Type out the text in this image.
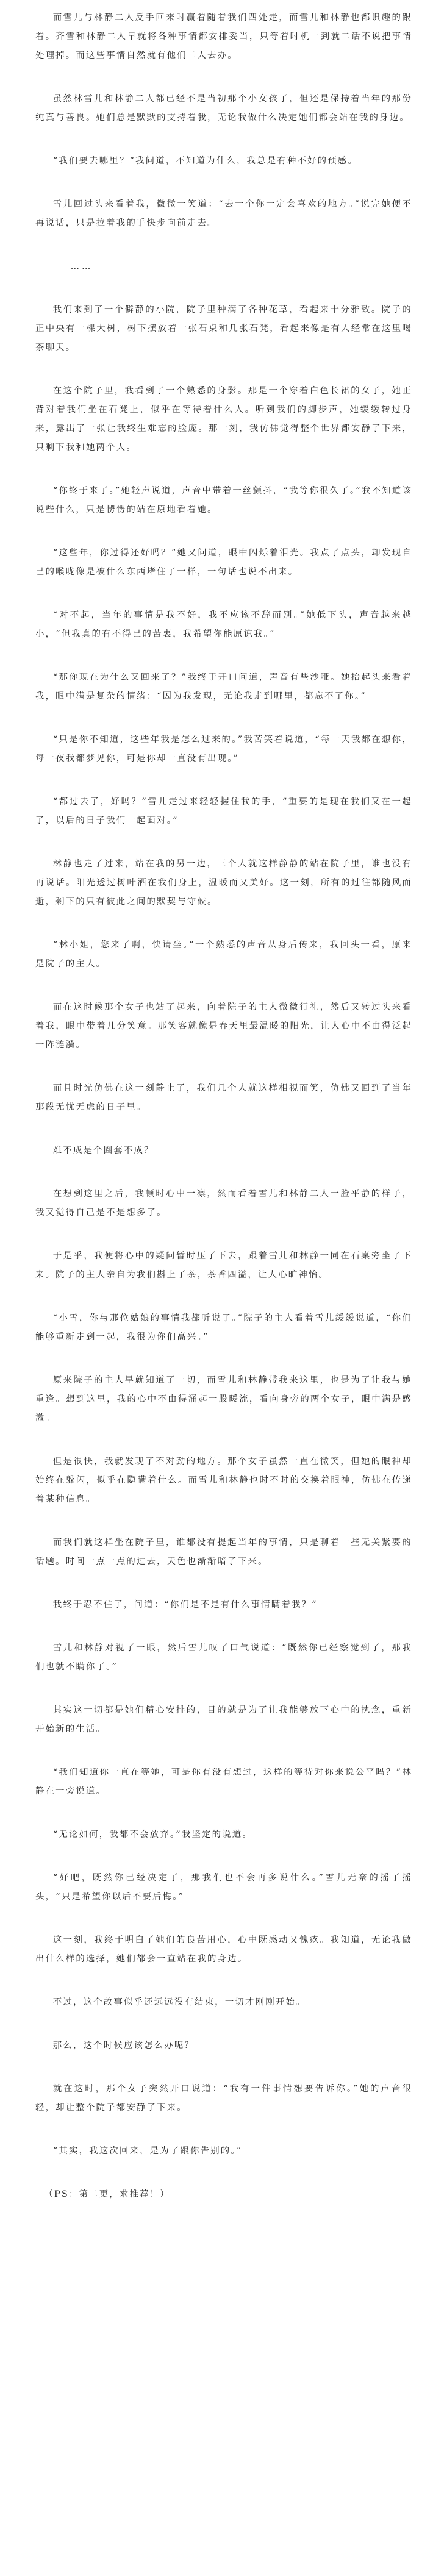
而雪儿与林静二人反手回来时赢着随着我们四处走，而雪儿和林静也都识趣的跟着。齐雪和林静二人早就将各种事情都安排妥当，只等着时机一到就二话不说把事情处理掉。而这些事情自然就有他们二人去办。

虽然林雪儿和林静二人都已经不是当初那个小女孩了，但还是保持着当年的那份纯真与善良。她们总是默默的支持着我，无论我做什么决定她们都会站在我的身边。

“我们要去哪里？”我问道，不知道为什么，我总是有种不好的预感。

雪儿回过头来看着我，微微一笑道：“去一个你一定会喜欢的地方。”说完她便不再说话，只是拉着我的手快步向前走去。

……

我们来到了一个僻静的小院，院子里种满了各种花草，看起来十分雅致。院子的正中央有一棵大树，树下摆放着一张石桌和几张石凳，看起来像是有人经常在这里喝茶聊天。

在这个院子里，我看到了一个熟悉的身影。那是一个穿着白色长裙的女子，她正背对着我们坐在石凳上，似乎在等待着什么人。听到我们的脚步声，她缓缓转过身来，露出了一张让我终生难忘的脸庞。那一刻，我仿佛觉得整个世界都安静了下来，只剩下我和她两个人。

“你终于来了。”她轻声说道，声音中带着一丝颤抖，“我等你很久了。”我不知道该说些什么，只是愣愣的站在原地看着她。

“这些年，你过得还好吗？”她又问道，眼中闪烁着泪光。我点了点头，却发现自己的喉咙像是被什么东西堵住了一样，一句话也说不出来。

“对不起，当年的事情是我不好，我不应该不辞而别。”她低下头，声音越来越小，“但我真的有不得已的苦衷，我希望你能原谅我。”

“那你现在为什么又回来了？”我终于开口问道，声音有些沙哑。她抬起头来看着我，眼中满是复杂的情绪：“因为我发现，无论我走到哪里，都忘不了你。”

“只是你不知道，这些年我是怎么过来的。”我苦笑着说道，“每一天我都在想你，每一夜我都梦见你，可是你却一直没有出现。”

“都过去了，好吗？”雪儿走过来轻轻握住我的手，“重要的是现在我们又在一起了，以后的日子我们一起面对。”

林静也走了过来，站在我的另一边，三个人就这样静静的站在院子里，谁也没有再说话。阳光透过树叶洒在我们身上，温暖而又美好。这一刻，所有的过往都随风而逝，剩下的只有彼此之间的默契与守候。

“林小姐，您来了啊，快请坐。”一个熟悉的声音从身后传来，我回头一看，原来是院子的主人。

而在这时候那个女子也站了起来，向着院子的主人微微行礼，然后又转过头来看着我，眼中带着几分笑意。那笑容就像是春天里最温暖的阳光，让人心中不由得泛起一阵涟漪。

而且时光仿佛在这一刻静止了，我们几个人就这样相视而笑，仿佛又回到了当年那段无忧无虑的日子里。

难不成是个圈套不成？

在想到这里之后，我顿时心中一凛，然而看着雪儿和林静二人一脸平静的样子，我又觉得自己是不是想多了。

于是乎，我便将心中的疑问暂时压了下去，跟着雪儿和林静一同在石桌旁坐了下来。院子的主人亲自为我们斟上了茶，茶香四溢，让人心旷神怡。

“小雪，你与那位姑娘的事情我都听说了。”院子的主人看着雪儿缓缓说道，“你们能够重新走到一起，我很为你们高兴。”

原来院子的主人早就知道了一切，而雪儿和林静带我来这里，也是为了让我与她重逢。想到这里，我的心中不由得涌起一股暖流，看向身旁的两个女子，眼中满是感激。

但是很快，我就发现了不对劲的地方。那个女子虽然一直在微笑，但她的眼神却始终在躲闪，似乎在隐瞒着什么。而雪儿和林静也时不时的交换着眼神，仿佛在传递着某种信息。

而我们就这样坐在院子里，谁都没有提起当年的事情，只是聊着一些无关紧要的话题。时间一点一点的过去，天色也渐渐暗了下来。

我终于忍不住了，问道：“你们是不是有什么事情瞒着我？”

雪儿和林静对视了一眼，然后雪儿叹了口气说道：“既然你已经察觉到了，那我们也就不瞒你了。”

其实这一切都是她们精心安排的，目的就是为了让我能够放下心中的执念，重新开始新的生活。

“我们知道你一直在等她，可是你有没有想过，这样的等待对你来说公平吗？”林静在一旁说道。

“无论如何，我都不会放弃。”我坚定的说道。

“好吧，既然你已经决定了，那我们也不会再多说什么。”雪儿无奈的摇了摇头，“只是希望你以后不要后悔。”

这一刻，我终于明白了她们的良苦用心，心中既感动又愧疚。我知道，无论我做出什么样的选择，她们都会一直站在我的身边。

不过，这个故事似乎还远远没有结束，一切才刚刚开始。

那么，这个时候应该怎么办呢？

就在这时，那个女子突然开口说道：“我有一件事情想要告诉你。”她的声音很轻，却让整个院子都安静了下来。

“其实，我这次回来，是为了跟你告别的。”

（PS：第二更，求推荐！）
